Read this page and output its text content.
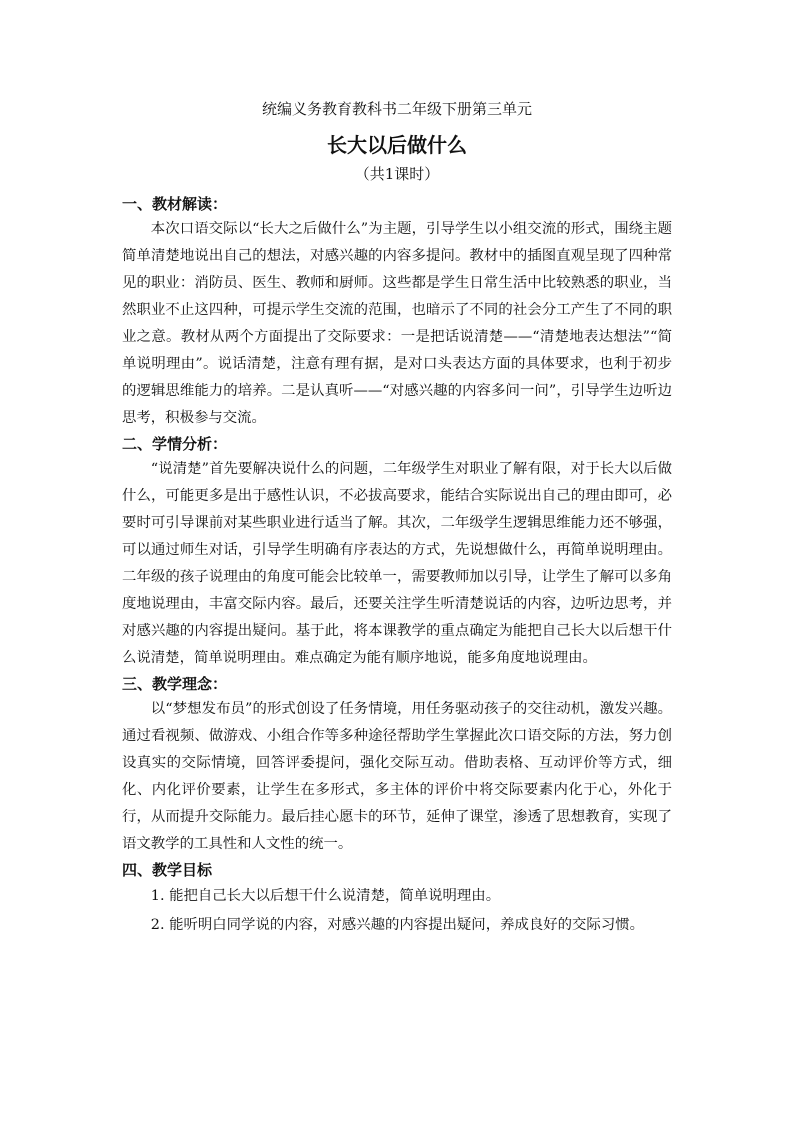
统编义务教育教科书二年级下册第三单元
长大以后做什么
（共1课时）
一、教材解读：

本次口语交际以“长大之后做什么”为主题，引导学生以小组交流的形式，围绕主题简单清楚地说出自己的想法，对感兴趣的内容多提问。教材中的插图直观呈现了四种常见的职业：消防员、医生、教师和厨师。这些都是学生日常生活中比较熟悉的职业，当然职业不止这四种，可提示学生交流的范围，也暗示了不同的社会分工产生了不同的职业之意。教材从两个方面提出了交际要求：一是把话说清楚——“清楚地表达想法”“简单说明理由”。说话清楚，注意有理有据，是对口头表达方面的具体要求，也利于初步的逻辑思维能力的培养。二是认真听——“对感兴趣的内容多问一问”，引导学生边听边思考，积极参与交流。

二、学情分析：

“说清楚”首先要解决说什么的问题，二年级学生对职业了解有限，对于长大以后做什么，可能更多是出于感性认识，不必拔高要求，能结合实际说出自己的理由即可，必要时可引导课前对某些职业进行适当了解。其次，二年级学生逻辑思维能力还不够强，可以通过师生对话，引导学生明确有序表达的方式，先说想做什么，再简单说明理由。二年级的孩子说理由的角度可能会比较单一，需要教师加以引导，让学生了解可以多角度地说理由，丰富交际内容。最后，还要关注学生听清楚说话的内容，边听边思考，并对感兴趣的内容提出疑问。基于此，将本课教学的重点确定为能把自己长大以后想干什么说清楚，简单说明理由。难点确定为能有顺序地说，能多角度地说理由。

三、教学理念：

以“梦想发布员”的形式创设了任务情境，用任务驱动孩子的交往动机，激发兴趣。通过看视频、做游戏、小组合作等多种途径帮助学生掌握此次口语交际的方法，努力创设真实的交际情境，回答评委提问，强化交际互动。借助表格、互动评价等方式，细化、内化评价要素，让学生在多形式，多主体的评价中将交际要素内化于心，外化于行，从而提升交际能力。最后挂心愿卡的环节，延伸了课堂，渗透了思想教育，实现了语文教学的工具性和人文性的统一。

四、教学目标

1. 能把自己长大以后想干什么说清楚，简单说明理由。

2. 能听明白同学说的内容，对感兴趣的内容提出疑问，养成良好的交际习惯。
